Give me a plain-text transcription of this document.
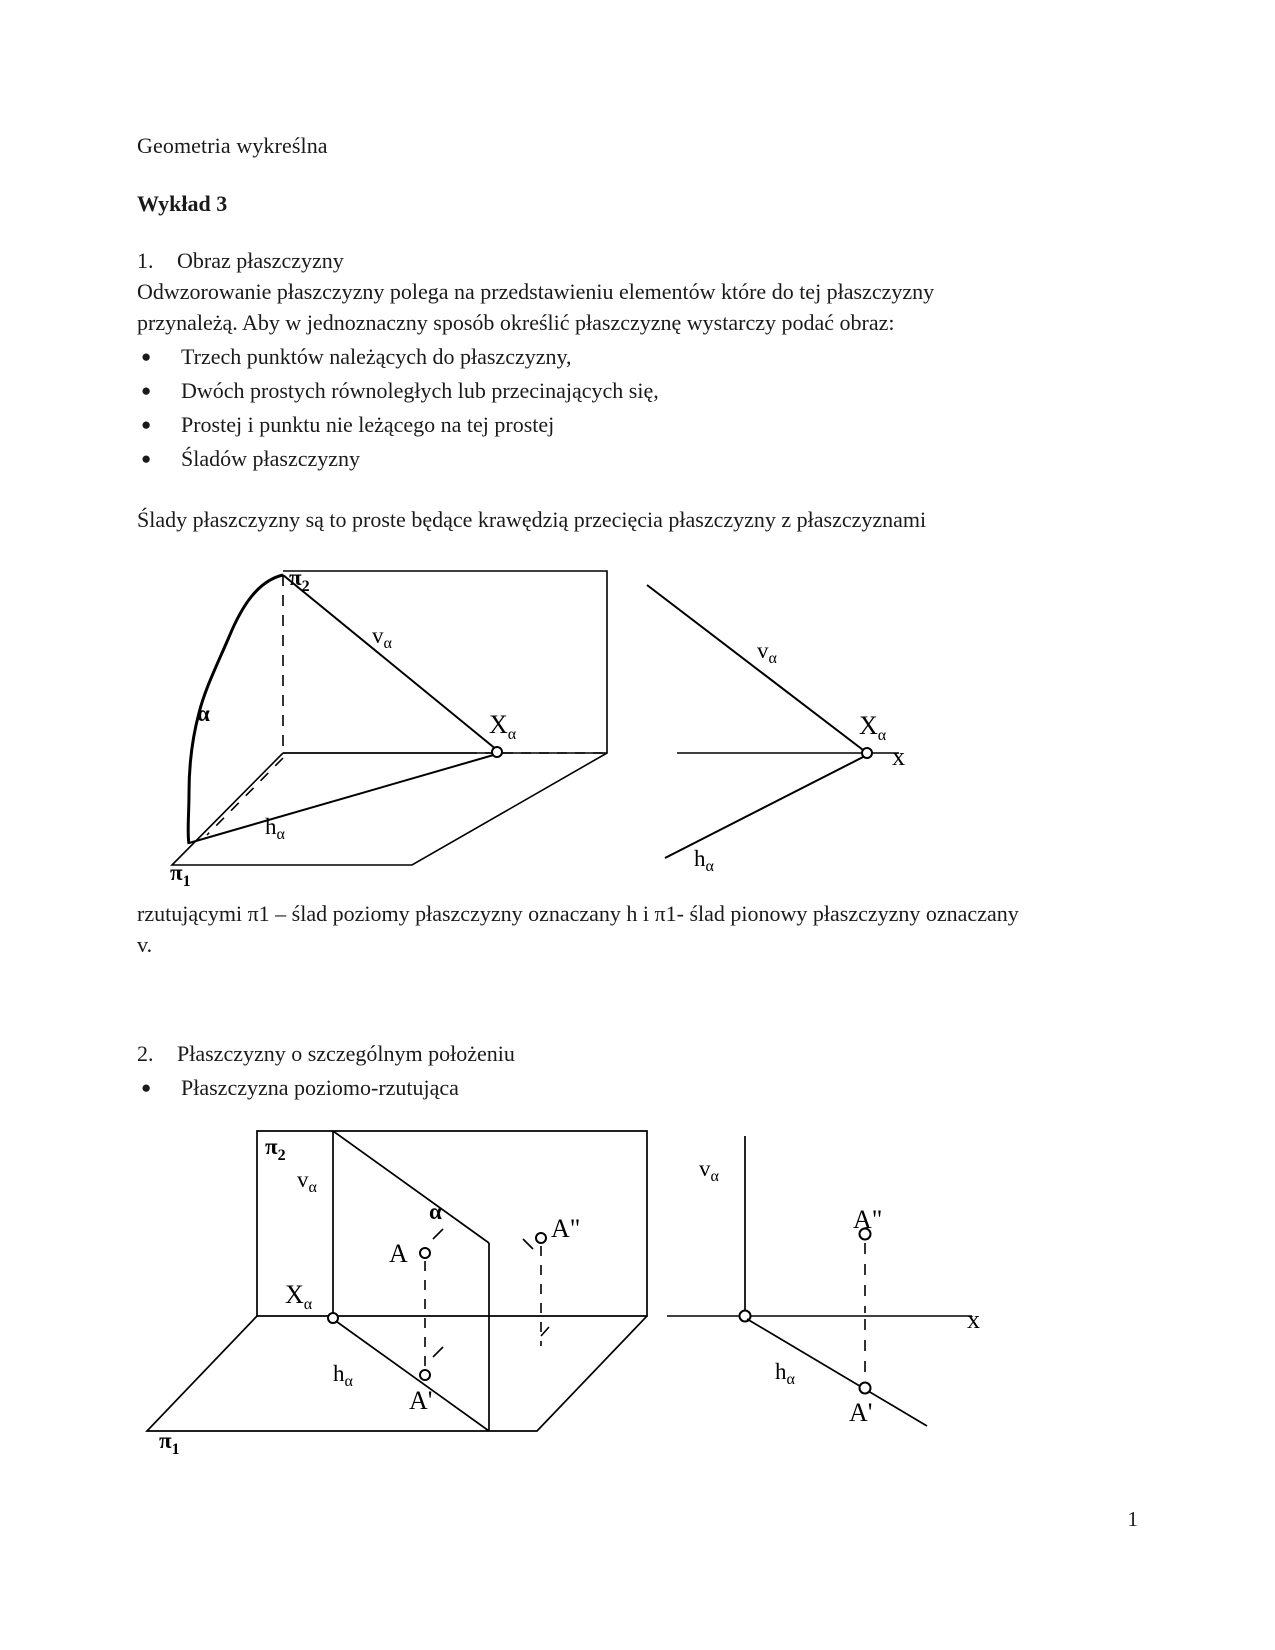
Geometria wykreślna
Wykład 3
1.	Obraz płaszczyzny
Odwzorowanie płaszczyzny polega na przedstawieniu elementów które do tej płaszczyzny przynależą. Aby w jednoznaczny sposób określić płaszczyznę wystarczy podać obraz:
●	Trzech punktów należących do płaszczyzny,
●	Dwóch prostych równoległych lub przecinających się,
●	Prostej i punktu nie leżącego na tej prostej
●	Śladów płaszczyzny
Ślady płaszczyzny są to proste będące krawędzią przecięcia płaszczyzny z płaszczyznami
$\pi_2$
$\pi_1$
α
$v_\alpha$
$h_\alpha$
$X_\alpha$
$v_\alpha$
$X_\alpha$
x
$h_\alpha$
rzutującymi π1 – ślad poziomy płaszczyzny oznaczany h i π1- ślad pionowy płaszczyzny oznaczany v.
2.	Płaszczyzny o szczególnym położeniu
●	Płaszczyzna poziomo-rzutująca
$\pi_2$
$\pi_1$
$v_\alpha$
α
$X_\alpha$
$h_\alpha$
A
A'
A"
$v_\alpha$
x
$h_\alpha$
A"
A'
1
